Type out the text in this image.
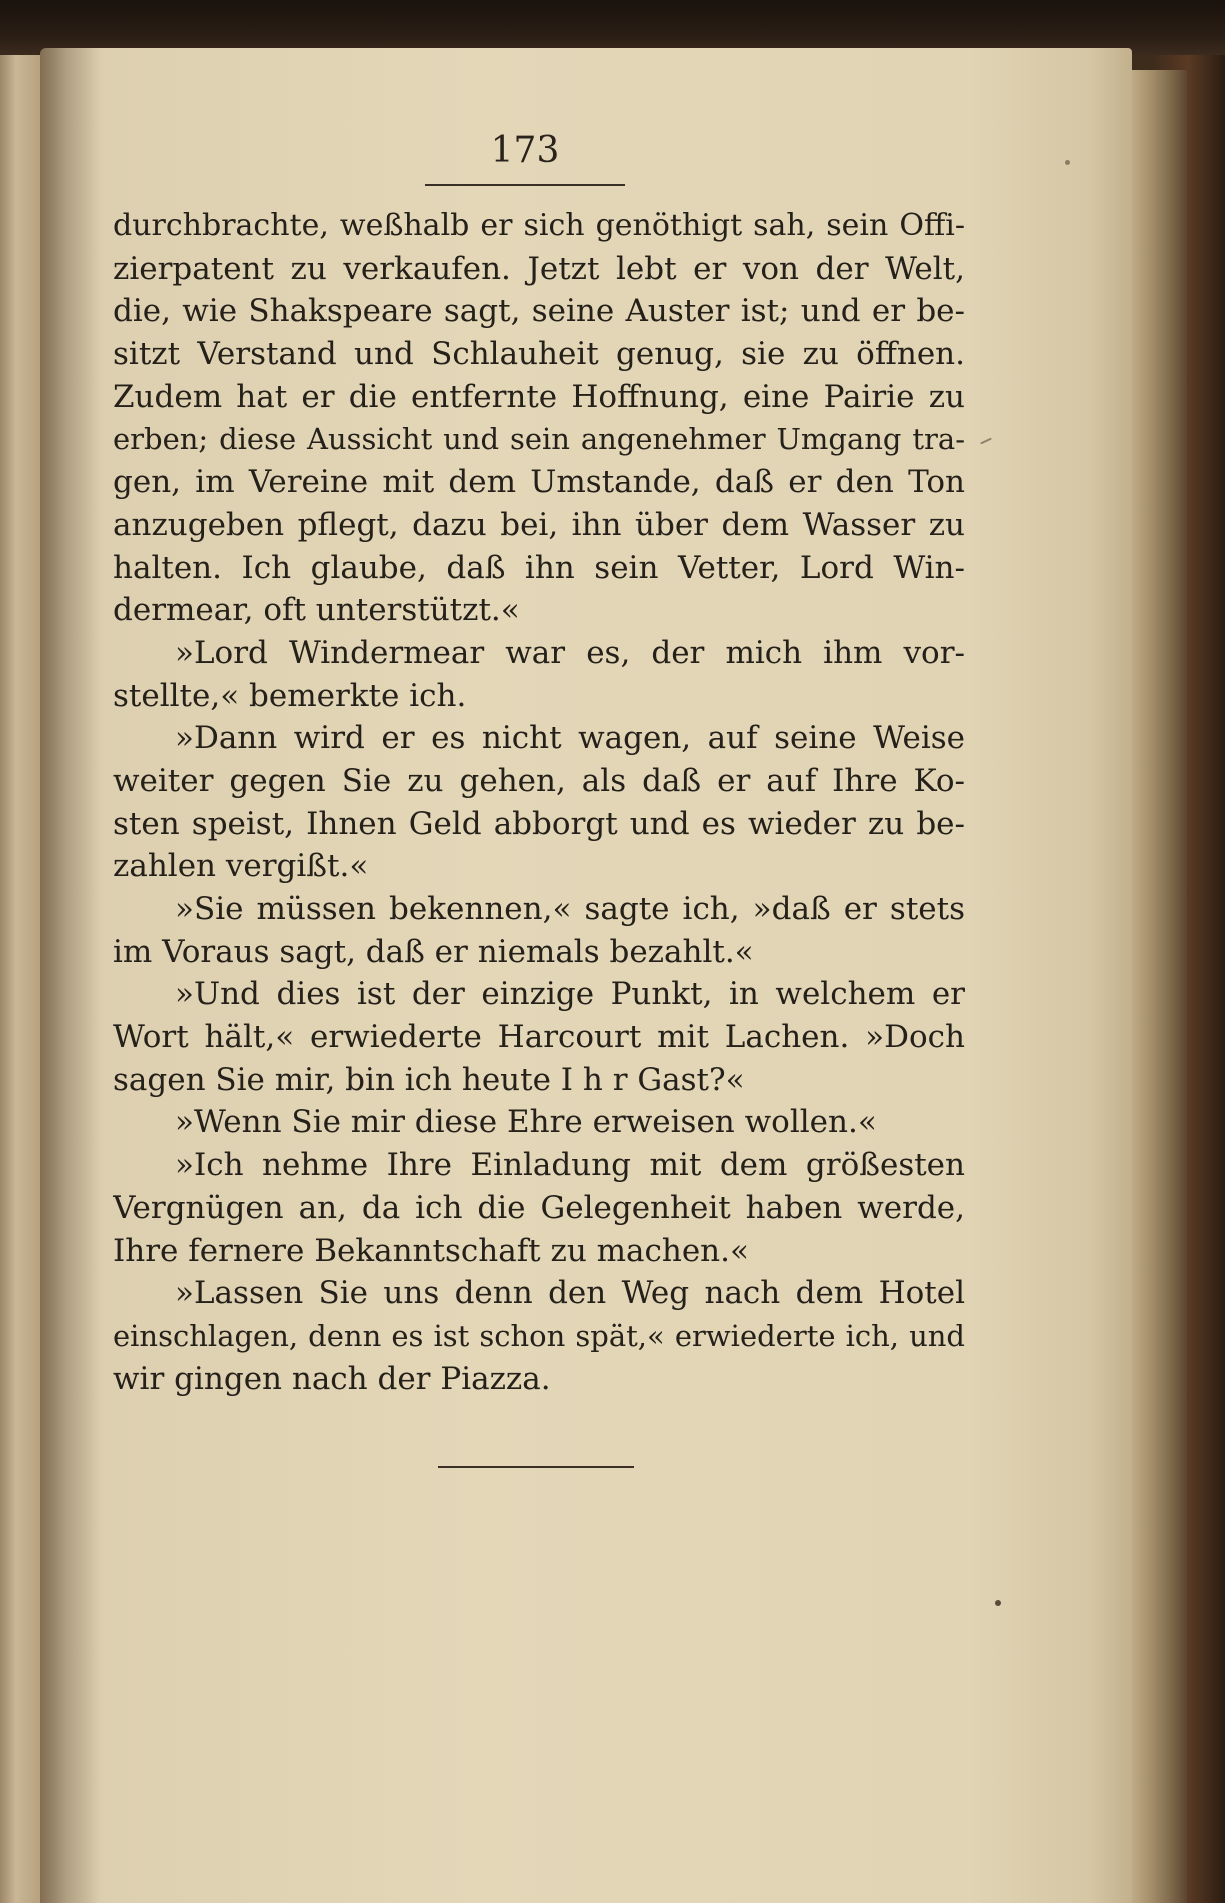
173
durchbrachte, weßhalb er sich genöthigt sah, sein Offi-
zierpatent zu verkaufen. Jetzt lebt er von der Welt,
die, wie Shakspeare sagt, seine Auster ist; und er be-
sitzt Verstand und Schlauheit genug, sie zu öffnen.
Zudem hat er die entfernte Hoffnung, eine Pairie zu
erben; diese Aussicht und sein angenehmer Umgang tra-
gen, im Vereine mit dem Umstande, daß er den Ton
anzugeben pflegt, dazu bei, ihn über dem Wasser zu
halten. Ich glaube, daß ihn sein Vetter, Lord Win-
dermear, oft unterstützt.«
»Lord Windermear war es, der mich ihm vor-
stellte,« bemerkte ich.
»Dann wird er es nicht wagen, auf seine Weise
weiter gegen Sie zu gehen, als daß er auf Ihre Ko-
sten speist, Ihnen Geld abborgt und es wieder zu be-
zahlen vergißt.«
»Sie müssen bekennen,« sagte ich, »daß er stets
im Voraus sagt, daß er niemals bezahlt.«
»Und dies ist der einzige Punkt, in welchem er
Wort hält,« erwiederte Harcourt mit Lachen. »Doch
sagen Sie mir, bin ich heute I h r Gast?«
»Wenn Sie mir diese Ehre erweisen wollen.«
»Ich nehme Ihre Einladung mit dem größesten
Vergnügen an, da ich die Gelegenheit haben werde,
Ihre fernere Bekanntschaft zu machen.«
»Lassen Sie uns denn den Weg nach dem Hotel
einschlagen, denn es ist schon spät,« erwiederte ich, und
wir gingen nach der Piazza.
